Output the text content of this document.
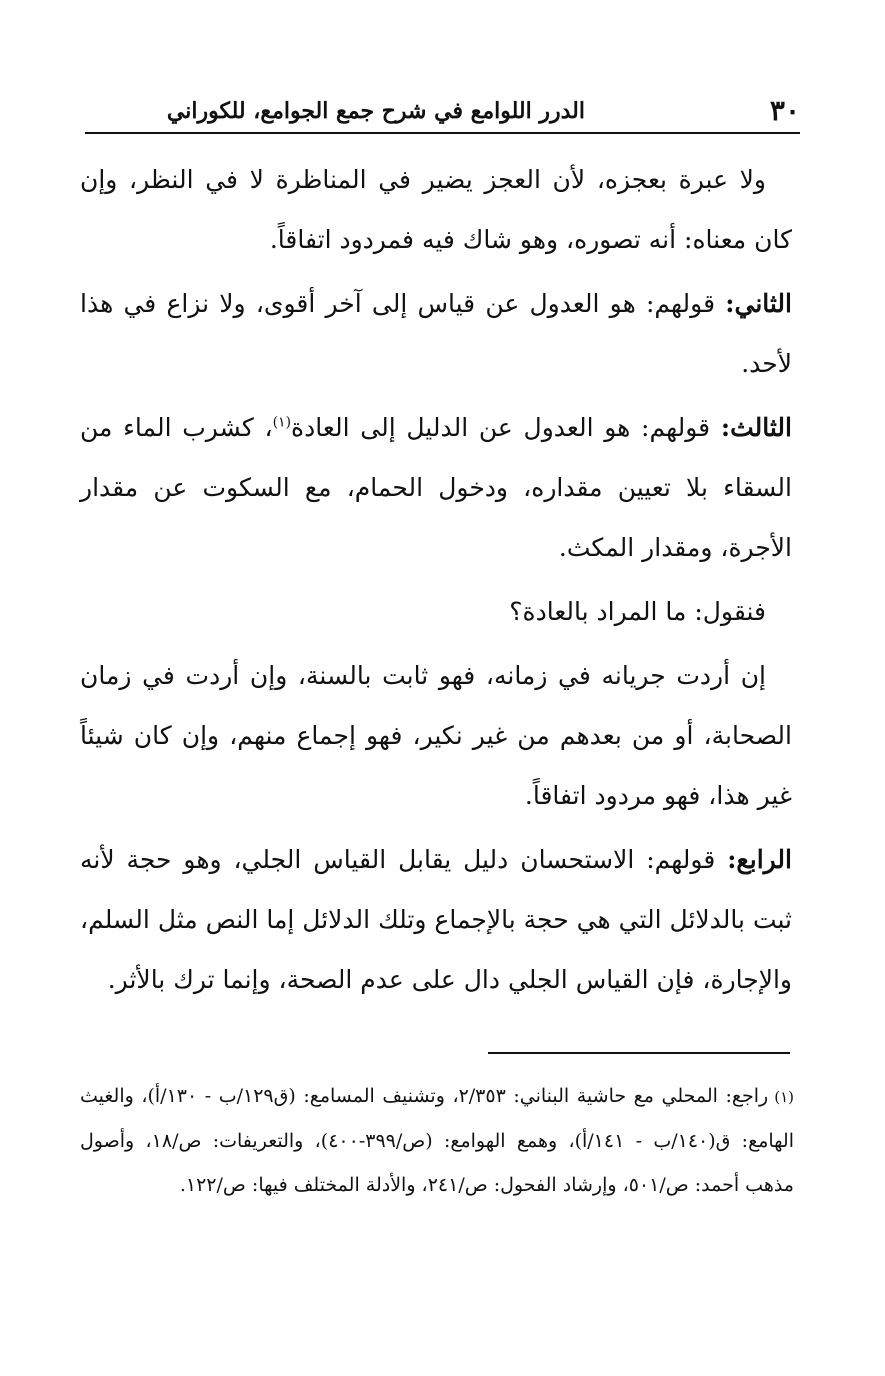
٣٠
الدرر اللوامع في شرح جمع الجوامع، للكوراني

ولا عبرة بعجزه، لأن العجز يضير في المناظرة لا في النظر، وإن كان معناه: أنه تصوره، وهو شاك فيه فمردود اتفاقاً.

الثاني: قولهم: هو العدول عن قياس إلى آخر أقوى، ولا نزاع في هذا لأحد.

الثالث: قولهم: هو العدول عن الدليل إلى العادة$^{(١)}$، كشرب الماء من السقاء بلا تعيين مقداره، ودخول الحمام، مع السكوت عن مقدار الأجرة، ومقدار المكث.

فنقول: ما المراد بالعادة؟

إن أردت جريانه في زمانه، فهو ثابت بالسنة، وإن أردت في زمان الصحابة، أو من بعدهم من غير نكير، فهو إجماع منهم، وإن كان شيئاً غير هذا، فهو مردود اتفاقاً.

الرابع: قولهم: الاستحسان دليل يقابل القياس الجلي، وهو حجة لأنه ثبت بالدلائل التي هي حجة بالإجماع وتلك الدلائل إما النص مثل السلم، والإجارة، فإن القياس الجلي دال على عدم الصحة، وإنما ترك بالأثر.

(١)راجع: المحلي مع حاشية البناني: ٢/٣٥٣، وتشنيف المسامع: (ق١٢٩/ب - ١٣٠/أ)، والغيث الهامع: ق(١٤٠/ب - ١٤١/أ)، وهمع الهوامع: (ص/٣٩٩-٤٠٠)، والتعريفات: ص/١٨، وأصول مذهب أحمد: ص/٥٠١، وإرشاد الفحول: ص/٢٤١، والأدلة المختلف فيها: ص/١٢٢.
